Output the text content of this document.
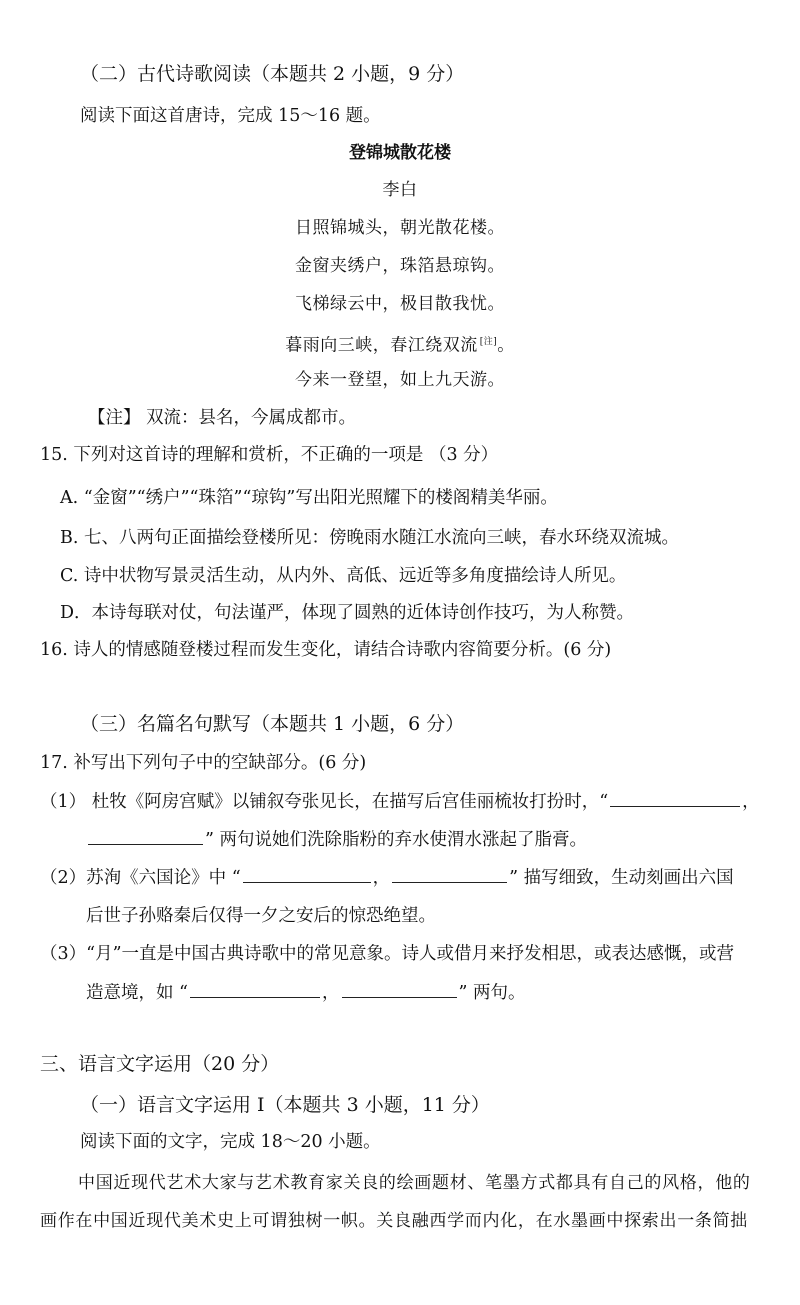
（二）古代诗歌阅读（本题共 2 小题，9 分）
阅读下面这首唐诗，完成 15～16 题。
登锦城散花楼
李白
日照锦城头，朝光散花楼。
金窗夹绣户，珠箔悬琼钩。
飞梯绿云中，极目散我忧。
暮雨向三峡，春江绕双流 [注]。
今来一登望，如上九天游。
【注】 双流：县名，今属成都市。
15. 下列对这首诗的理解和赏析，不正确的一项是 （3 分）
A. “金窗”“绣户”“珠箔”“琼钩”写出阳光照耀下的楼阁精美华丽。
B. 七、八两句正面描绘登楼所见：傍晚雨水随江水流向三峡，春水环绕双流城。
C. 诗中状物写景灵活生动，从内外、高低、远近等多角度描绘诗人所见。
D．本诗每联对仗，句法谨严，体现了圆熟的近体诗创作技巧，为人称赞。
16. 诗人的情感随登楼过程而发生变化，请结合诗歌内容简要分析。(6 分)
（三）名篇名句默写（本题共 1 小题，6 分）
17. 补写出下列句子中的空缺部分。(6 分)
（1） 杜牧《阿房宫赋》以铺叙夸张见长，在描写后宫佳丽梳妆打扮时，“	，
” 两句说她们洗除脂粉的弃水使渭水涨起了脂膏。
（2）苏洵《六国论》中 “	，	” 描写细致，生动刻画出六国
后世子孙赂秦后仅得一夕之安后的惊恐绝望。
（3）“月”一直是中国古典诗歌中的常见意象。诗人或借月来抒发相思，或表达感慨，或营
造意境，如 “	，	” 两句。
三、语言文字运用（20 分）
（一）语言文字运用 Ⅰ（本题共 3 小题，11 分）
阅读下面的文字，完成 18～20 小题。
中国近现代艺术大家与艺术教育家关良的绘画题材、笔墨方式都具有自己的风格，他的
画作在中国近现代美术史上可谓独树一帜。关良融西学而内化，在水墨画中探索出一条简拙
